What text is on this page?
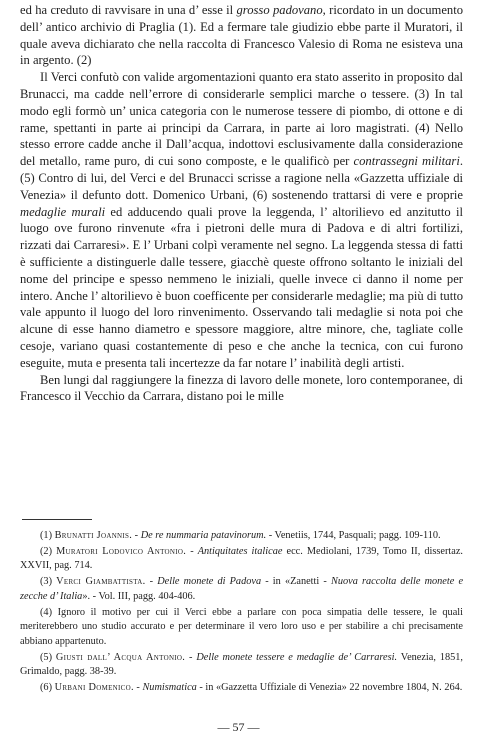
ed ha creduto di ravvisare in una d’ esse il grosso padovano, ricordato in un documento dell’ antico archivio di Praglia (1). Ed a fermare tale giudizio ebbe parte il Muratori, il quale aveva dichiarato che nella raccolta di Francesco Valesio di Roma ne esisteva una in argento. (2)

Il Verci confutò con valide argomentazioni quanto era stato asserito in proposito dal Brunacci, ma cadde nell’errore di considerarle semplici marche o tessere. (3) In tal modo egli formò un’ unica categoria con le numerose tessere di piombo, di ottone e di rame, spettanti in parte ai principi da Carrara, in parte ai loro magistrati. (4) Nello stesso errore cadde anche il Dall’acqua, indottovi esclusivamente dalla considerazione del metallo, rame puro, di cui sono composte, e le qualificò per contrassegni militari. (5) Contro di lui, del Verci e del Brunacci scrisse a ragione nella «Gazzetta uffiziale di Venezia» il defunto dott. Domenico Urbani, (6) sostenendo trattarsi di vere e proprie medaglie murali ed adducendo quali prove la leggenda, l’ altorilievo ed anzitutto il luogo ove furono rinvenute «fra i pietroni delle mura di Padova e di altri fortilizi, rizzati dai Carraresi». E l’ Urbani colpì veramente nel segno. La leggenda stessa di fatti è sufficiente a distinguerle dalle tessere, giacchè queste offrono soltanto le iniziali del nome del principe e spesso nemmeno le iniziali, quelle invece ci danno il nome per intero. Anche l’ altorilievo è buon coefficente per considerarle medaglie; ma più di tutto vale appunto il luogo del loro rinvenimento. Osservando tali medaglie si nota poi che alcune di esse hanno diametro e spessore maggiore, altre minore, che, tagliate colle cesoje, variano quasi costantemente di peso e che anche la tecnica, con cui furono eseguite, muta e presenta tali incertezze da far notare l’ inabilità degli artisti.

Ben lungi dal raggiungere la finezza di lavoro delle monete, loro contemporanee, di Francesco il Vecchio da Carrara, distano poi le mille

(1) Brunatti Joannis. - De re nummaria patavinorum. - Venetiis, 1744, Pasquali; pagg. 109-110.

(2) Muratori Lodovico Antonio. - Antiquitates italicae ecc. Mediolani, 1739, Tomo II, dissertaz. XXVII, pag. 714.

(3) Verci Giambattista. - Delle monete di Padova - in «Zanetti - Nuova raccolta delle monete e zecche d’ Italia». - Vol. III, pagg. 404-406.

(4) Ignoro il motivo per cui il Verci ebbe a parlare con poca simpatia delle tessere, le quali meriterebbero uno studio accurato e per determinare il vero loro uso e per stabilire a chi precisamente abbiano appartenuto.

(5) Giusti dall’ Acqua Antonio. - Delle monete tessere e medaglie de’ Carraresi. Venezia, 1851, Grimaldo, pagg. 38-39.

(6) Urbani Domenico. - Numismatica - in «Gazzetta Uffiziale di Venezia» 22 novembre 1804, N. 264.

— 57 —
